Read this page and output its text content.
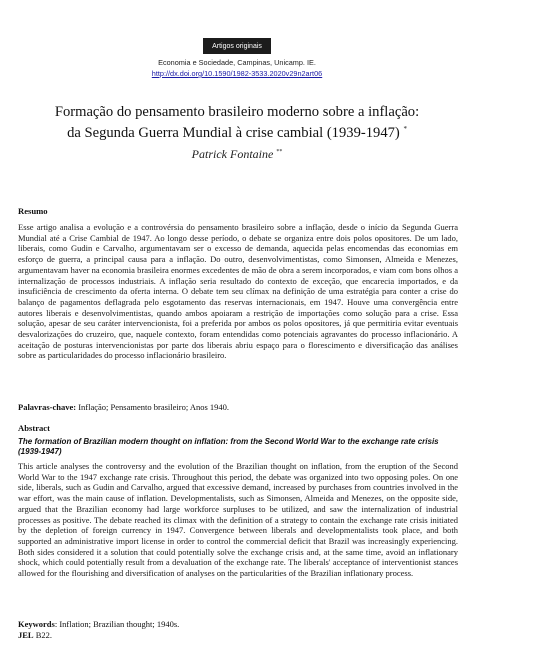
Artigos originais
Economia e Sociedade, Campinas, Unicamp. IE.
http://dx.doi.org/10.1590/1982-3533.2020v29n2art06
Formação do pensamento brasileiro moderno sobre a inflação:
da Segunda Guerra Mundial à crise cambial (1939-1947) *
Patrick Fontaine **
Resumo
Esse artigo analisa a evolução e a controvérsia do pensamento brasileiro sobre a inflação, desde o início da Segunda Guerra Mundial até a Crise Cambial de 1947. Ao longo desse período, o debate se organiza entre dois polos opositores. De um lado, liberais, como Gudin e Carvalho, argumentavam ser o excesso de demanda, aquecida pelas encomendas das economias em esforço de guerra, a principal causa para a inflação. Do outro, desenvolvimentistas, como Simonsen, Almeida e Menezes, argumentavam haver na economia brasileira enormes excedentes de mão de obra a serem incorporados, e viam com bons olhos a internalização de processos industriais. A inflação seria resultado do contexto de exceção, que encarecia importados, e da insuficiência de crescimento da oferta interna. O debate tem seu clímax na definição de uma estratégia para conter a crise do balanço de pagamentos deflagrada pelo esgotamento das reservas internacionais, em 1947. Houve uma convergência entre autores liberais e desenvolvimentistas, quando ambos apoiaram a restrição de importações como solução para a crise. Essa solução, apesar de seu caráter intervencionista, foi a preferida por ambos os polos opositores, já que permitiria evitar eventuais desvalorizações do cruzeiro, que, naquele contexto, foram entendidas como potenciais agravantes do processo inflacionário. A aceitação de posturas intervencionistas por parte dos liberais abriu espaço para o florescimento e diversificação das análises sobre as particularidades do processo inflacionário brasileiro.
Palavras-chave: Inflação; Pensamento brasileiro; Anos 1940.
Abstract
The formation of Brazilian modern thought on inflation: from the Second World War to the exchange rate crisis (1939-1947)
This article analyses the controversy and the evolution of the Brazilian thought on inflation, from the eruption of the Second World War to the 1947 exchange rate crisis. Throughout this period, the debate was organized into two opposing poles. On one side, liberals, such as Gudin and Carvalho, argued that excessive demand, increased by purchases from countries involved in the war effort, was the main cause of inflation. Developmentalists, such as Simonsen, Almeida and Menezes, on the opposite side, argued that the Brazilian economy had large workforce surpluses to be utilized, and saw the internalization of industrial processes as positive. The debate reached its climax with the definition of a strategy to contain the exchange rate crisis initiated by the depletion of foreign currency in 1947. Convergence between liberals and developmentalists took place, and both supported an administrative import license in order to control the commercial deficit that Brazil was increasingly experiencing. Both sides considered it a solution that could potentially solve the exchange crisis and, at the same time, avoid an inflationary shock, which could potentially result from a devaluation of the exchange rate. The liberals' acceptance of interventionist stances allowed for the flourishing and diversification of analyses on the particularities of the Brazilian inflationary process.
Keywords: Inflation; Brazilian thought; 1940s.
JEL B22.
